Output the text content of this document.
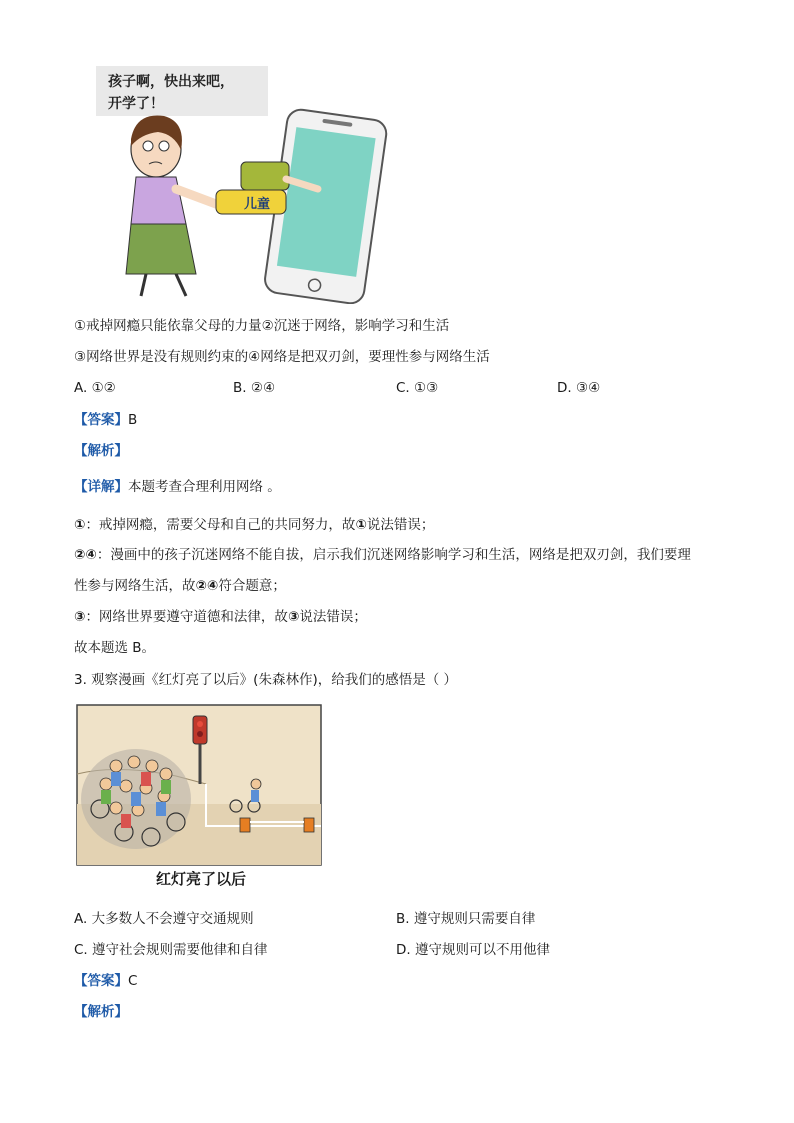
孩子啊，快出来吧，
开学了！
儿童
①戒掉网瘾只能依靠父母的力量②沉迷于网络，影响学习和生活
③网络世界是没有规则约束的④网络是把双刃剑，要理性参与网络生活
A. ①②	B. ②④	C. ①③	D. ③④
【答案】B
【解析】
【详解】本题考查合理利用网络 。
①：戒掉网瘾，需要父母和自己的共同努力，故①说法错误；
②④：漫画中的孩子沉迷网络不能自拔，启示我们沉迷网络影响学习和生活，网络是把双刃剑，我们要理
性参与网络生活，故②④符合题意；
③：网络世界要遵守道德和法律，故③说法错误；
故本题选 B。
3. 观察漫画《红灯亮了以后》(朱森林作)，给我们的感悟是（ ）
红灯亮了以后
A. 大多数人不会遵守交通规则	B. 遵守规则只需要自律
C. 遵守社会规则需要他律和自律	D. 遵守规则可以不用他律
【答案】C
【解析】
